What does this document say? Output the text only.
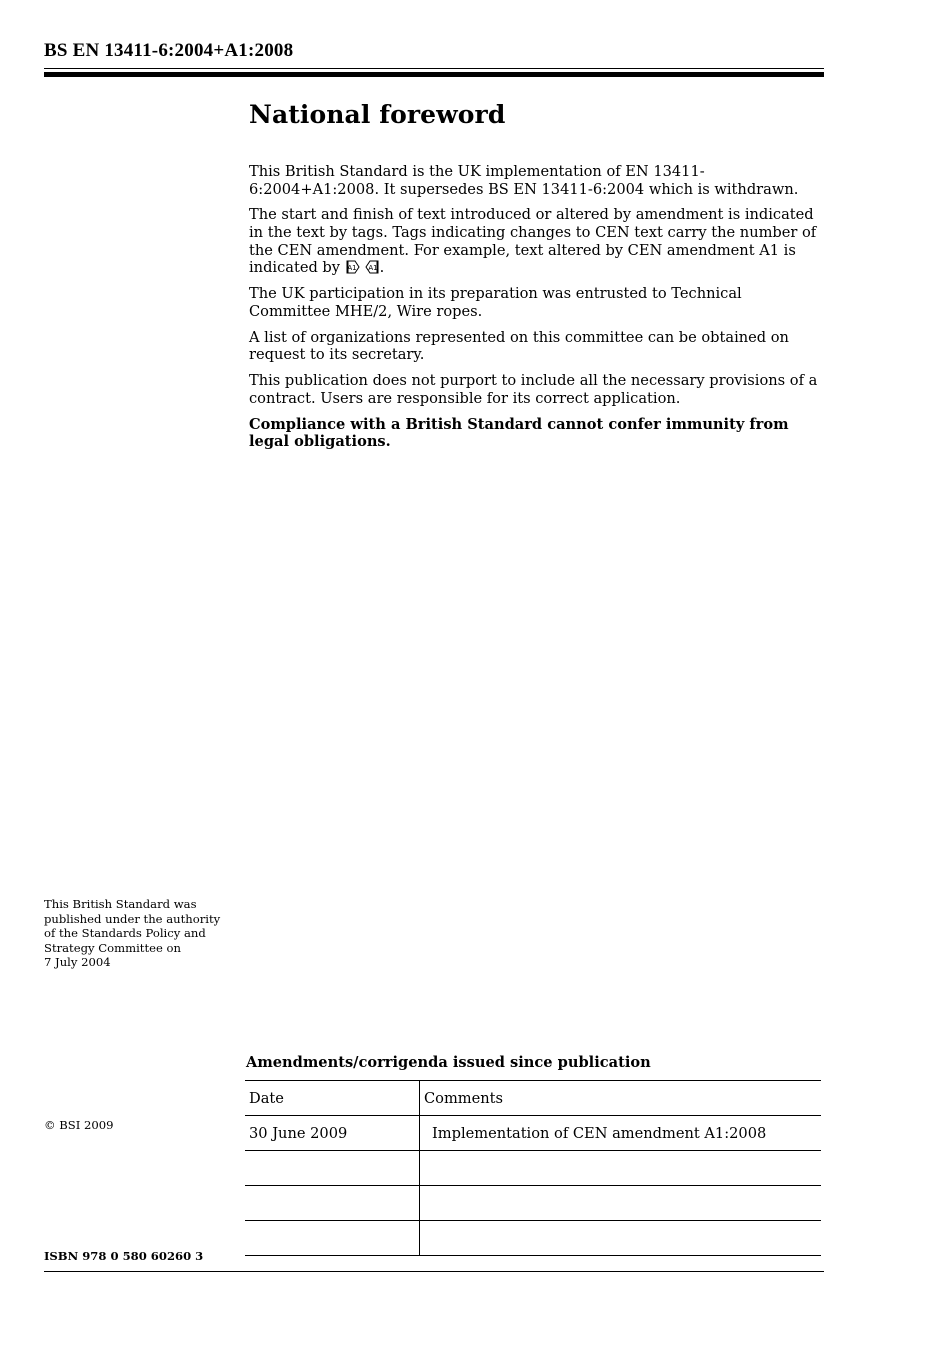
BS EN 13411-6:2004+A1:2008
National foreword

This British Standard is the UK implementation of EN 13411-6:2004+A1:2008. It supersedes BS EN 13411-6:2004 which is withdrawn.

The start and finish of text introduced or altered by amendment is indicated in the text by tags. Tags indicating changes to CEN text carry the number of the CEN amendment. For example, text altered by CEN amendment A1 is indicated by A1
  A1 .

The UK participation in its preparation was entrusted to Technical Committee MHE/2, Wire ropes.

A list of organizations represented on this committee can be obtained on request to its secretary.

This publication does not purport to include all the necessary provisions of a contract. Users are responsible for its correct application.

Compliance with a British Standard cannot confer immunity from legal obligations.

This British Standard was
published under the authority
of the Standards Policy and
Strategy Committee on
7 July 2004
© BSI 2009
ISBN 978 0 580 60260 3
Amendments/corrigenda issued since publication
Date	Comments
30 June 2009	Implementation of CEN amendment A1:2008
